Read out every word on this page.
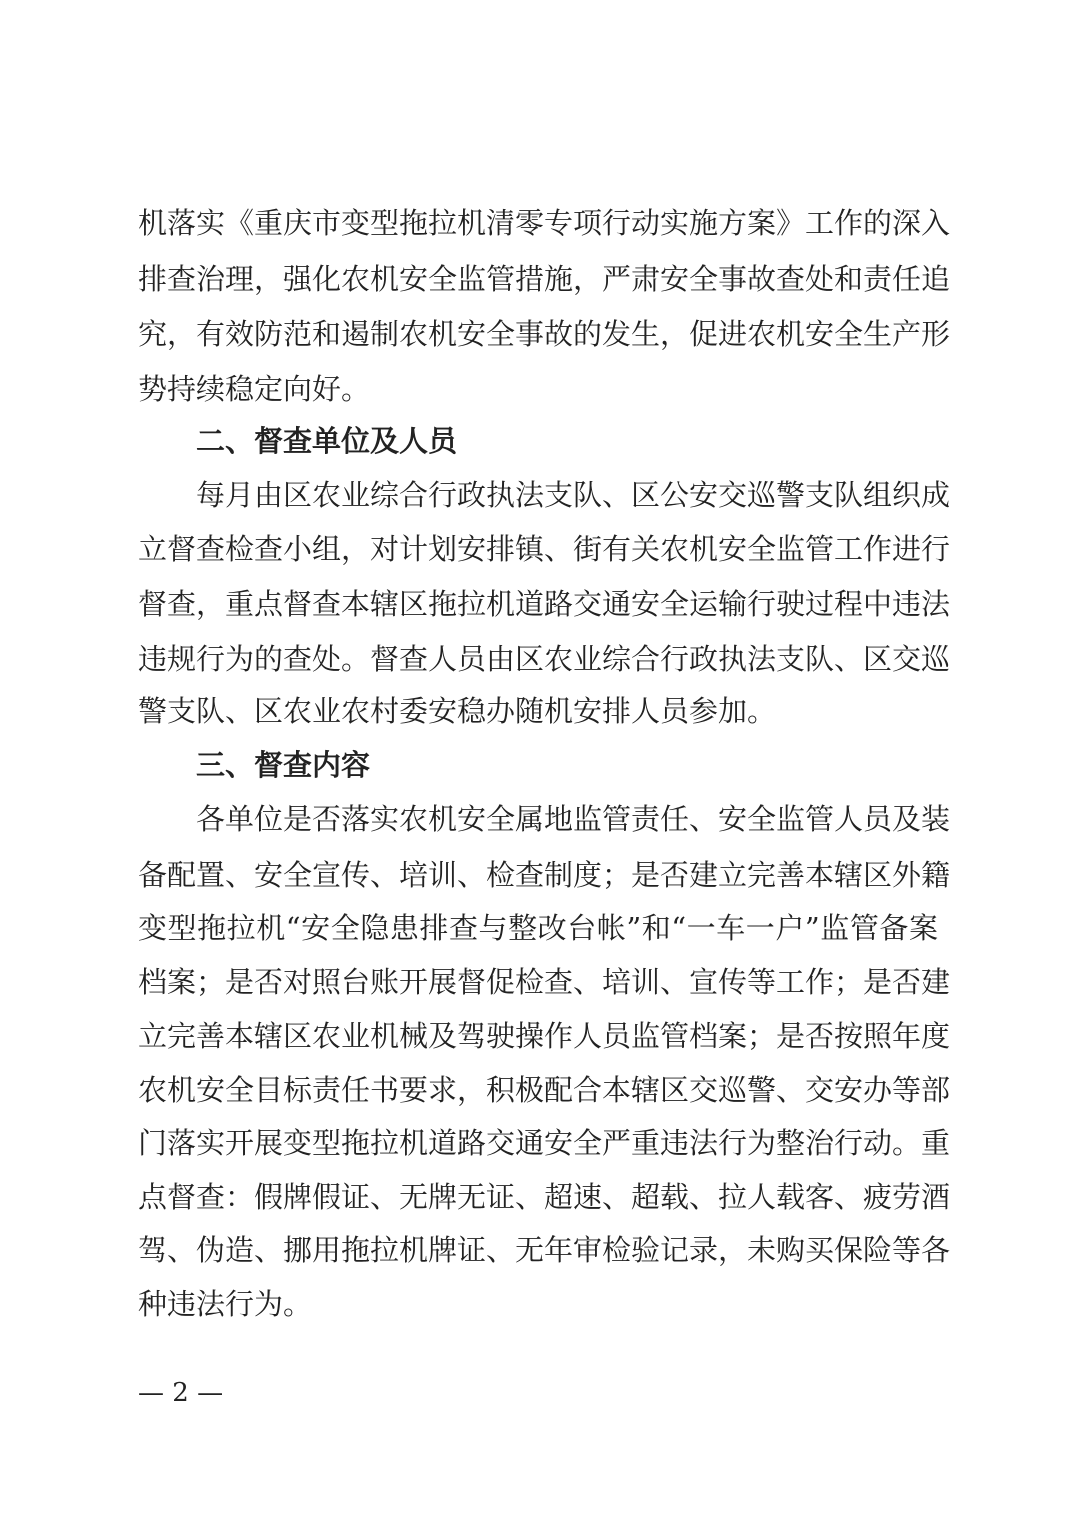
机落实《重庆市变型拖拉机清零专项行动实施方案》工作的深入
排查治理，强化农机安全监管措施，严肃安全事故查处和责任追
究，有效防范和遏制农机安全事故的发生，促进农机安全生产形
势持续稳定向好。
二、督查单位及人员
每月由区农业综合行政执法支队、区公安交巡警支队组织成
立督查检查小组，对计划安排镇、街有关农机安全监管工作进行
督查，重点督查本辖区拖拉机道路交通安全运输行驶过程中违法
违规行为的查处。督查人员由区农业综合行政执法支队、区交巡
警支队、区农业农村委安稳办随机安排人员参加。
三、督查内容
各单位是否落实农机安全属地监管责任、安全监管人员及装
备配置、安全宣传、培训、检查制度；是否建立完善本辖区外籍
变型拖拉机“安全隐患排查与整改台帐”和“一车一户”监管备案
档案；是否对照台账开展督促检查、培训、宣传等工作；是否建
立完善本辖区农业机械及驾驶操作人员监管档案；是否按照年度
农机安全目标责任书要求，积极配合本辖区交巡警、交安办等部
门落实开展变型拖拉机道路交通安全严重违法行为整治行动。重
点督查：假牌假证、无牌无证、超速、超载、拉人载客、疲劳酒
驾、伪造、挪用拖拉机牌证、无年审检验记录，未购买保险等各
种违法行为。
— 2 —
